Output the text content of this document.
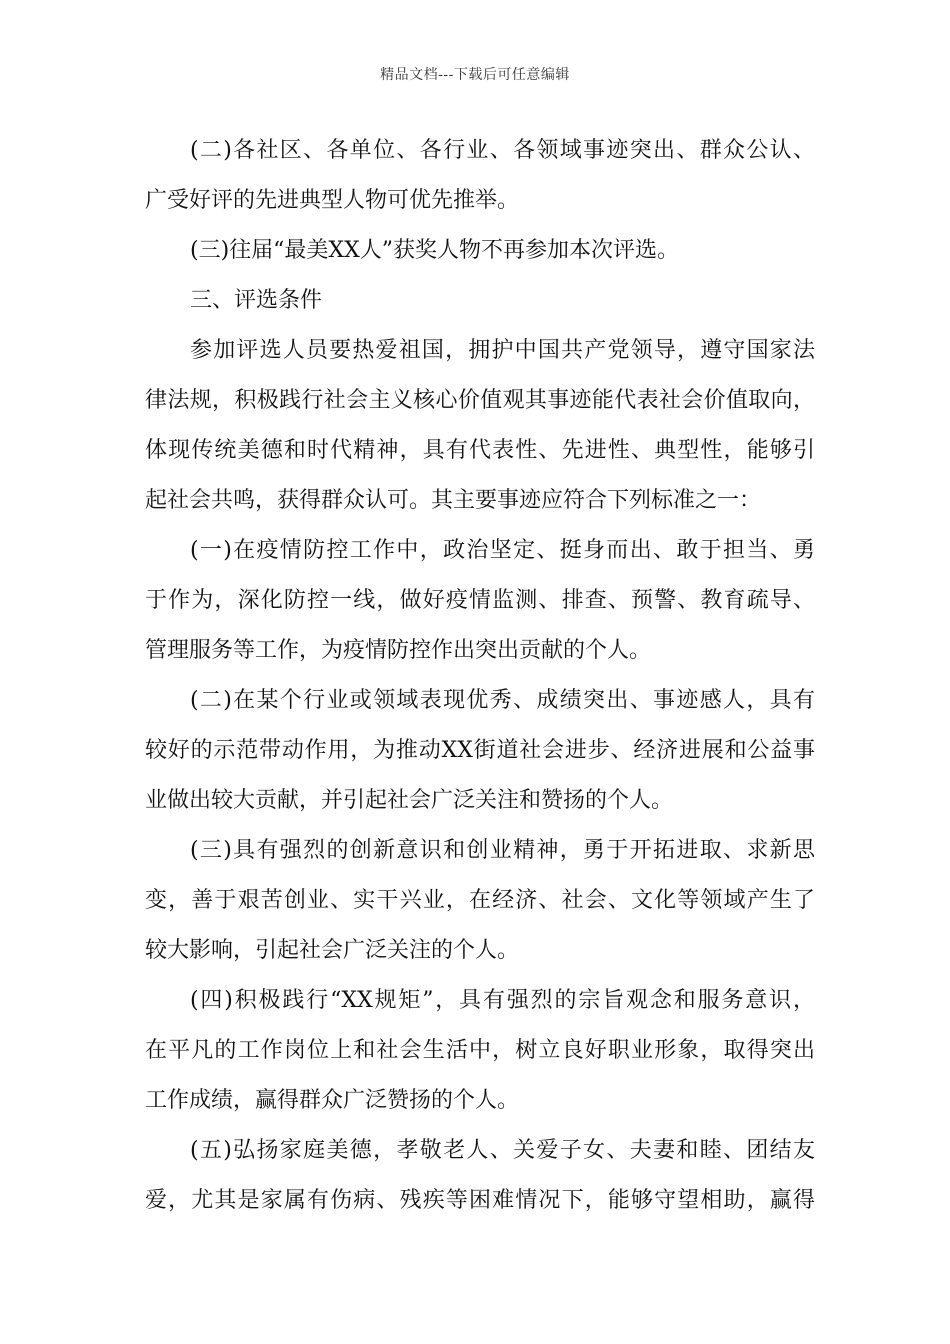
精品文档---下载后可任意编辑
(二)各社区、各单位、各行业、各领域事迹突出、群众公认、
广受好评的先进典型人物可优先推举。
(三)往届“最美XX人”获奖人物不再参加本次评选。
三、评选条件
参加评选人员要热爱祖国，拥护中国共产党领导，遵守国家法
律法规，积极践行社会主义核心价值观其事迹能代表社会价值取向，
体现传统美德和时代精神，具有代表性、先进性、典型性，能够引
起社会共鸣，获得群众认可。其主要事迹应符合下列标准之一：
(一)在疫情防控工作中，政治坚定、挺身而出、敢于担当、勇
于作为，深化防控一线，做好疫情监测、排查、预警、教育疏导、
管理服务等工作，为疫情防控作出突出贡献的个人。
(二)在某个行业或领域表现优秀、成绩突出、事迹感人，具有
较好的示范带动作用，为推动XX街道社会进步、经济进展和公益事
业做出较大贡献，并引起社会广泛关注和赞扬的个人。
(三)具有强烈的创新意识和创业精神，勇于开拓进取、求新思
变，善于艰苦创业、实干兴业，在经济、社会、文化等领域产生了
较大影响，引起社会广泛关注的个人。
(四)积极践行“XX规矩”，具有强烈的宗旨观念和服务意识，
在平凡的工作岗位上和社会生活中，树立良好职业形象，取得突出
工作成绩，赢得群众广泛赞扬的个人。
(五)弘扬家庭美德，孝敬老人、关爱子女、夫妻和睦、团结友
爱，尤其是家属有伤病、残疾等困难情况下，能够守望相助，赢得
